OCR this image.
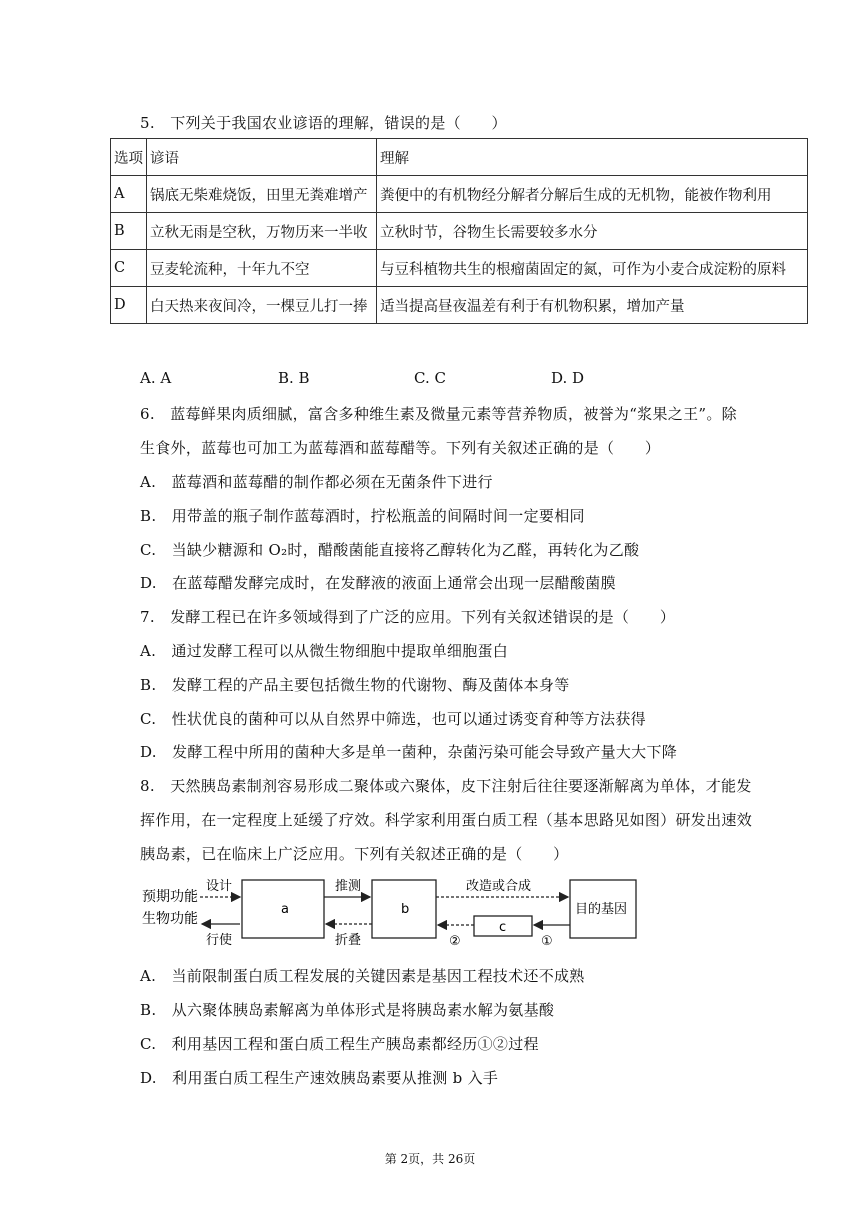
5.　下列关于我国农业谚语的理解，错误的是（　　）
选项	谚语	理解
A	锅底无柴难烧饭，田里无粪难增产	粪便中的有机物经分解者分解后生成的无机物，能被作物利用
B	立秋无雨是空秋，万物历来一半收	立秋时节，谷物生长需要较多水分
C	豆麦轮流种，十年九不空	与豆科植物共生的根瘤菌固定的氮，可作为小麦合成淀粉的原料
D	白天热来夜间冷，一棵豆儿打一捧	适当提高昼夜温差有利于有机物积累，增加产量
A. A	B. B	C. C	D. D
6.　蓝莓鲜果肉质细腻，富含多种维生素及微量元素等营养物质，被誉为“浆果之王”。除
生食外，蓝莓也可加工为蓝莓酒和蓝莓醋等。下列有关叙述正确的是（　　）
A.　蓝莓酒和蓝莓醋的制作都必须在无菌条件下进行
B.　用带盖的瓶子制作蓝莓酒时，拧松瓶盖的间隔时间一定要相同
C.　当缺少糖源和 O₂时，醋酸菌能直接将乙醇转化为乙醛，再转化为乙酸
D.　在蓝莓醋发酵完成时，在发酵液的液面上通常会出现一层醋酸菌膜
7.　发酵工程已在许多领域得到了广泛的应用。下列有关叙述错误的是（　　）
A.　通过发酵工程可以从微生物细胞中提取单细胞蛋白
B.　发酵工程的产品主要包括微生物的代谢物、酶及菌体本身等
C.　性状优良的菌种可以从自然界中筛选，也可以通过诱变育种等方法获得
D.　发酵工程中所用的菌种大多是单一菌种，杂菌污染可能会导致产量大大下降
8.　天然胰岛素制剂容易形成二聚体或六聚体，皮下注射后往往要逐渐解离为单体，才能发
挥作用，在一定程度上延缓了疗效。科学家利用蛋白质工程（基本思路见如图）研发出速效
胰岛素，已在临床上广泛应用。下列有关叙述正确的是（　　）
预期功能
生物功能
设计
行使
a
推测
折叠
b
改造或合成
目的基因
①
c
②
A.　当前限制蛋白质工程发展的关键因素是基因工程技术还不成熟
B.　从六聚体胰岛素解离为单体形式是将胰岛素水解为氨基酸
C.　利用基因工程和蛋白质工程生产胰岛素都经历①②过程
D.　利用蛋白质工程生产速效胰岛素要从推测 b 入手
第 2页，共 26页
